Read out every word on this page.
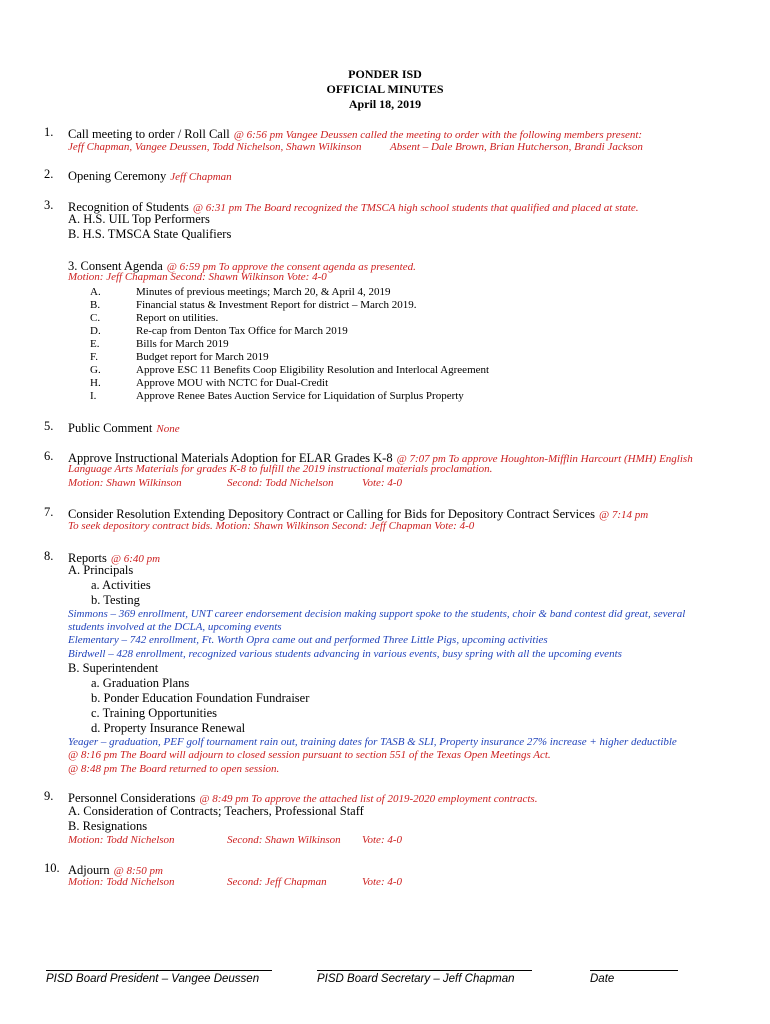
PONDER ISD
OFFICIAL MINUTES
April 18, 2019
1. Call meeting to order / Roll Call @ 6:56 pm Vangee Deussen called the meeting to order with the following members present:
Jeff Chapman, Vangee Deussen, Todd Nichelson, Shawn Wilkinson	Absent – Dale Brown, Brian Hutcherson, Brandi Jackson
2. Opening Ceremony Jeff Chapman
3. Recognition of Students @ 6:31 pm The Board recognized the TMSCA high school students that qualified and placed at state.
A. H.S. UIL Top Performers
B. H.S. TMSCA State Qualifiers
3. Consent Agenda @ 6:59 pm To approve the consent agenda as presented.
Motion: Jeff Chapman Second: Shawn Wilkinson Vote: 4-0
A.	Minutes of previous meetings; March 20, & April 4, 2019
B.	Financial status & Investment Report for district – March 2019.
C.	Report on utilities.
D.	Re-cap from Denton Tax Office for March 2019
E.	Bills for March 2019
F.	Budget report for March 2019
G.	Approve ESC 11 Benefits Coop Eligibility Resolution and Interlocal Agreement
H.	Approve MOU with NCTC for Dual-Credit
I.	Approve Renee Bates Auction Service for Liquidation of Surplus Property
5. Public Comment None
6. Approve Instructional Materials Adoption for ELAR Grades K-8 @ 7:07 pm To approve Houghton-Mifflin Harcourt (HMH) English
Language Arts Materials for grades K-8 to fulfill the 2019 instructional materials proclamation.
Motion: Shawn Wilkinson	Second: Todd Nichelson	Vote: 4-0
7. Consider Resolution Extending Depository Contract or Calling for Bids for Depository Contract Services @ 7:14 pm
To seek depository contract bids. Motion: Shawn Wilkinson Second: Jeff Chapman Vote: 4-0
8. Reports @ 6:40 pm
A. Principals
a. Activities
b. Testing
Simmons – 369 enrollment, UNT career endorsement decision making support spoke to the students, choir & band contest did great, several
students involved at the DCLA, upcoming events
Elementary – 742 enrollment, Ft. Worth Opra came out and performed Three Little Pigs, upcoming activities
Birdwell – 428 enrollment, recognized various students advancing in various events, busy spring with all the upcoming events
B. Superintendent
a. Graduation Plans
b. Ponder Education Foundation Fundraiser
c. Training Opportunities
d. Property Insurance Renewal
Yeager – graduation, PEF golf tournament rain out, training dates for TASB & SLI, Property insurance 27% increase + higher deductible
@ 8:16 pm The Board will adjourn to closed session pursuant to section 551 of the Texas Open Meetings Act.
@ 8:48 pm The Board returned to open session.
9. Personnel Considerations @ 8:49 pm To approve the attached list of 2019-2020 employment contracts.
A. Consideration of Contracts; Teachers, Professional Staff
B. Resignations
Motion: Todd Nichelson	Second: Shawn Wilkinson Vote: 4-0
10. Adjourn @ 8:50 pm
Motion: Todd Nichelson	Second: Jeff Chapman	Vote: 4-0
PISD Board President – Vangee Deussen	PISD Board Secretary – Jeff Chapman	Date
